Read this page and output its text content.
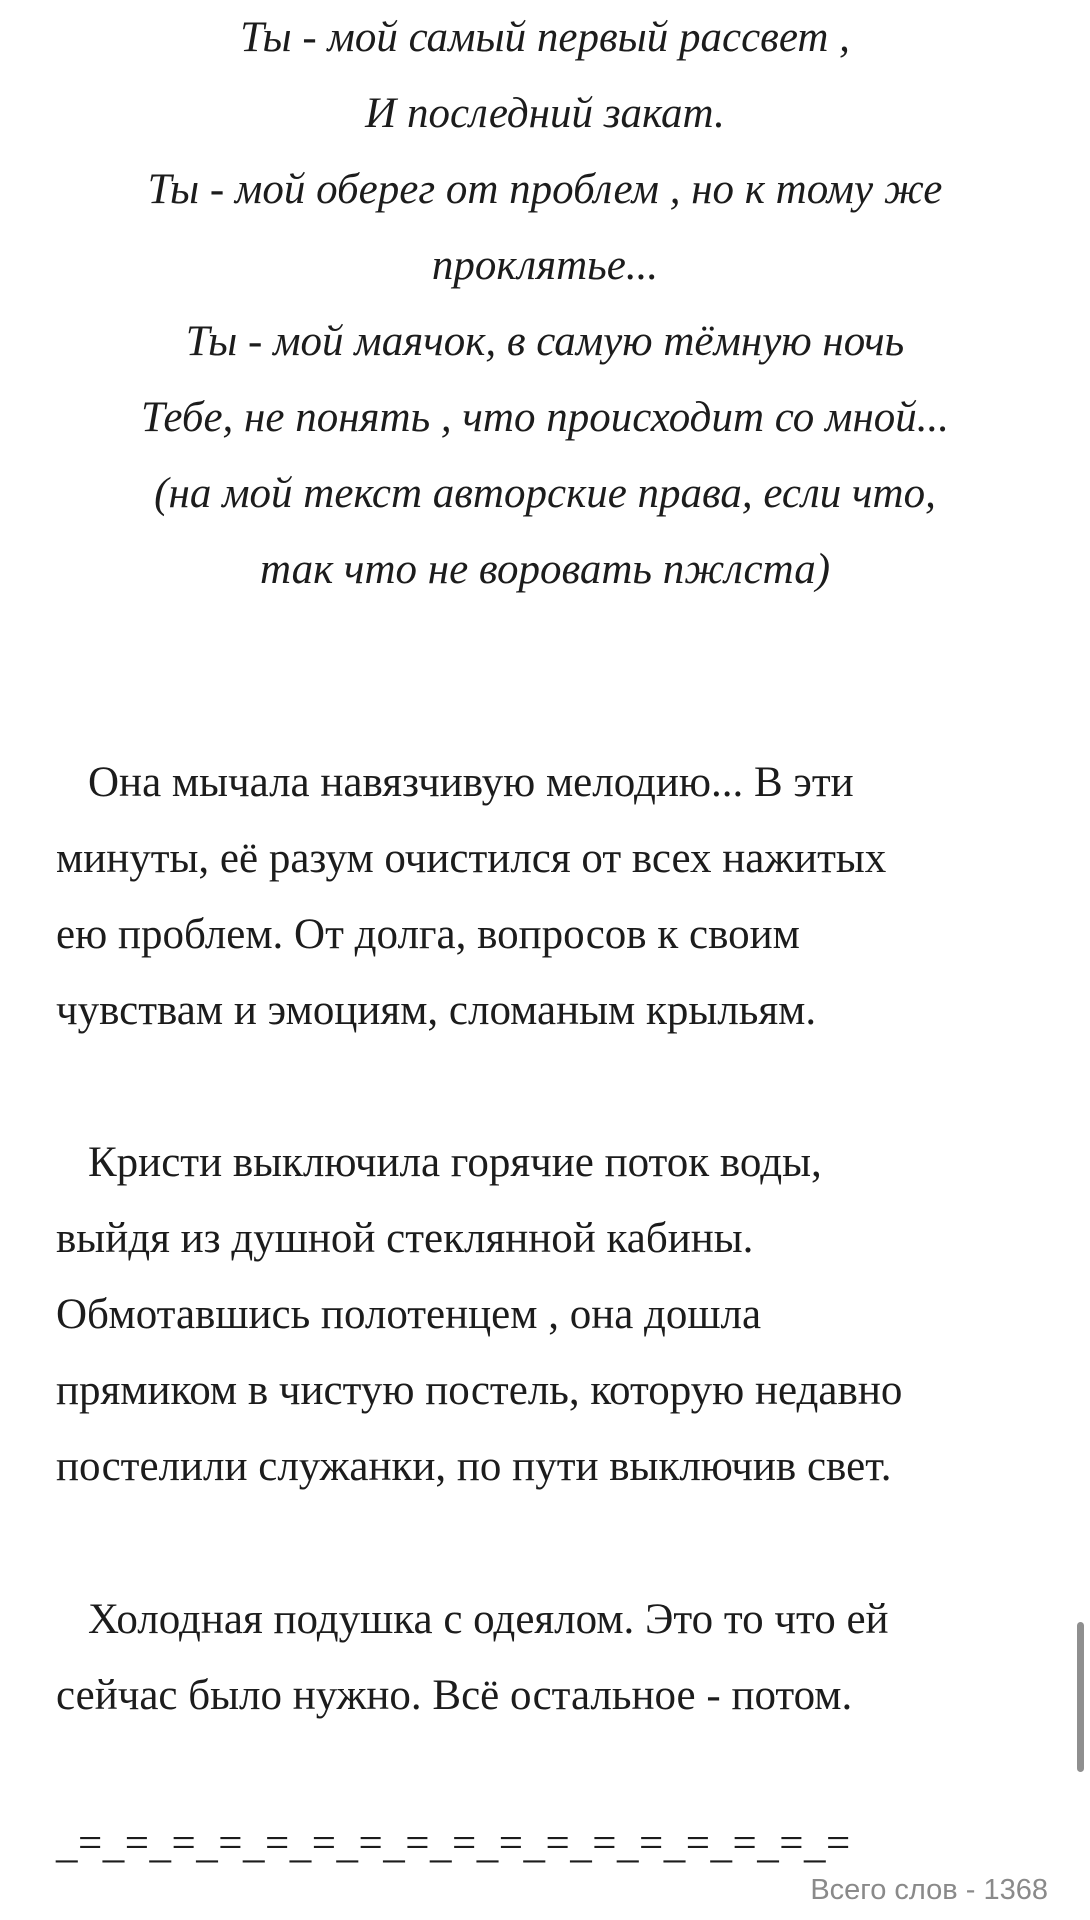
Ты - мой самый первый рассвет ,
И последний закат.
Ты - мой оберег от проблем , но к тому же
проклятье...
Ты - мой маячок, в самую тёмную ночь
Тебе, не понять , что происходит со мной...
(на мой текст авторские права, если что,
так что не воровать пжлста)
Она мычала навязчивую мелодию... В эти
минуты, её разум очистился от всех нажитых
ею проблем. От долга, вопросов к своим
чувствам и эмоциям, сломаным крыльям.
Кристи выключила горячие поток воды,
выйдя из душной стеклянной кабины.
Обмотавшись полотенцем , она дошла
прямиком в чистую постель, которую недавно
постелили служанки, по пути выключив свет.
Холодная подушка с одеялом. Это то что ей
сейчас было нужно. Всё остальное - потом.
_=_=_=_=_=_=_=_=_=_=_=_=_=_=_=_=_=
Всего слов - 1368
